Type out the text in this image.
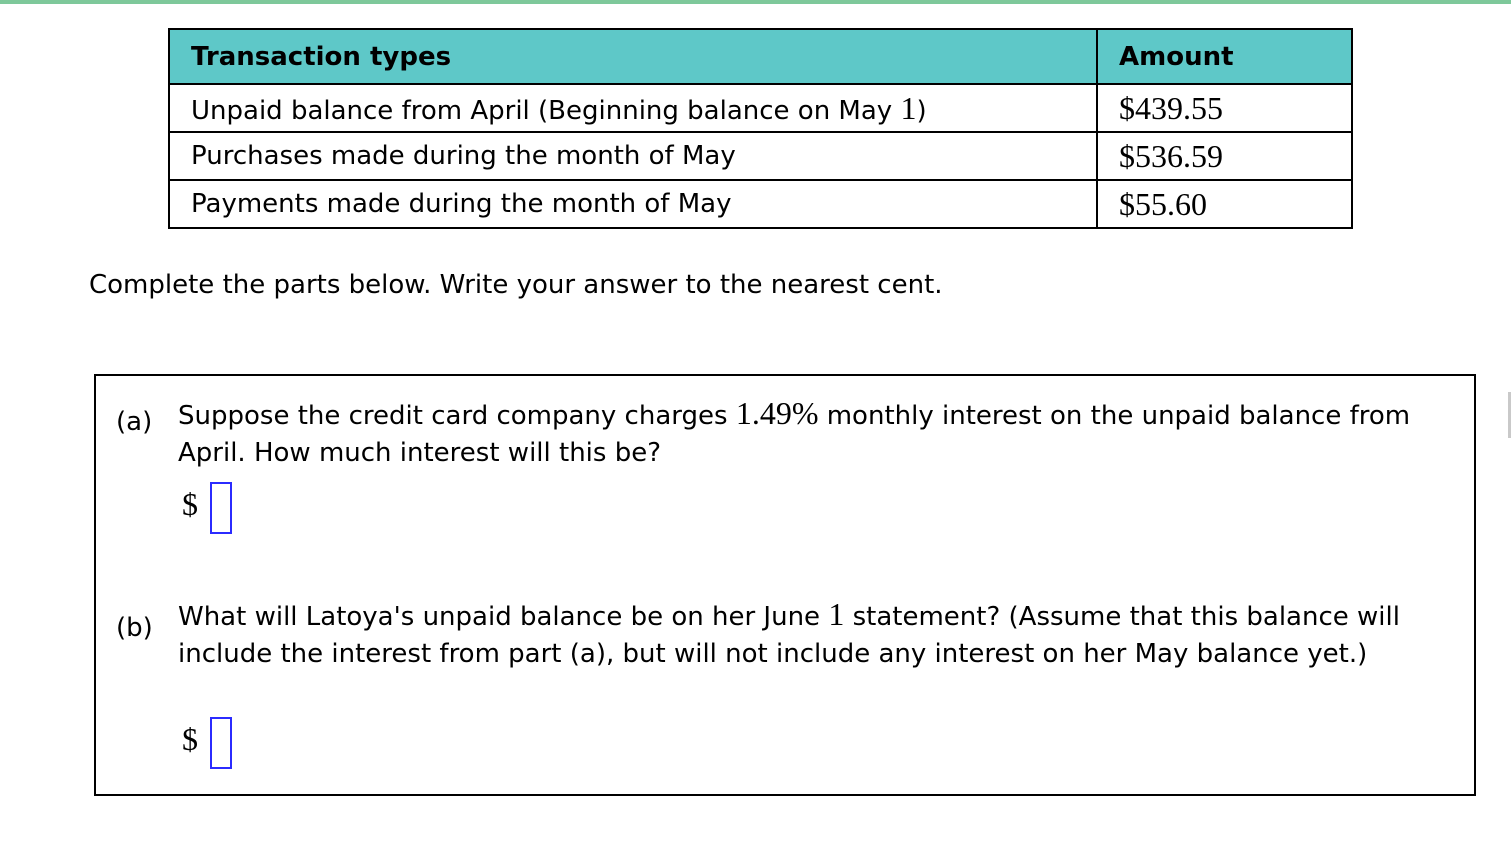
Transaction types	Amount
Unpaid balance from April (Beginning balance on May 1)	$439.55
Purchases made during the month of May	$536.59
Payments made during the month of May	$55.60
Complete the parts below. Write your answer to the nearest cent.
(a) Suppose the credit card company charges 1.49% monthly interest on the unpaid balance from April. How much interest will this be?
$
(b) What will Latoya's unpaid balance be on her June 1 statement? (Assume that this balance will include the interest from part (a), but will not include any interest on her May balance yet.)
$
